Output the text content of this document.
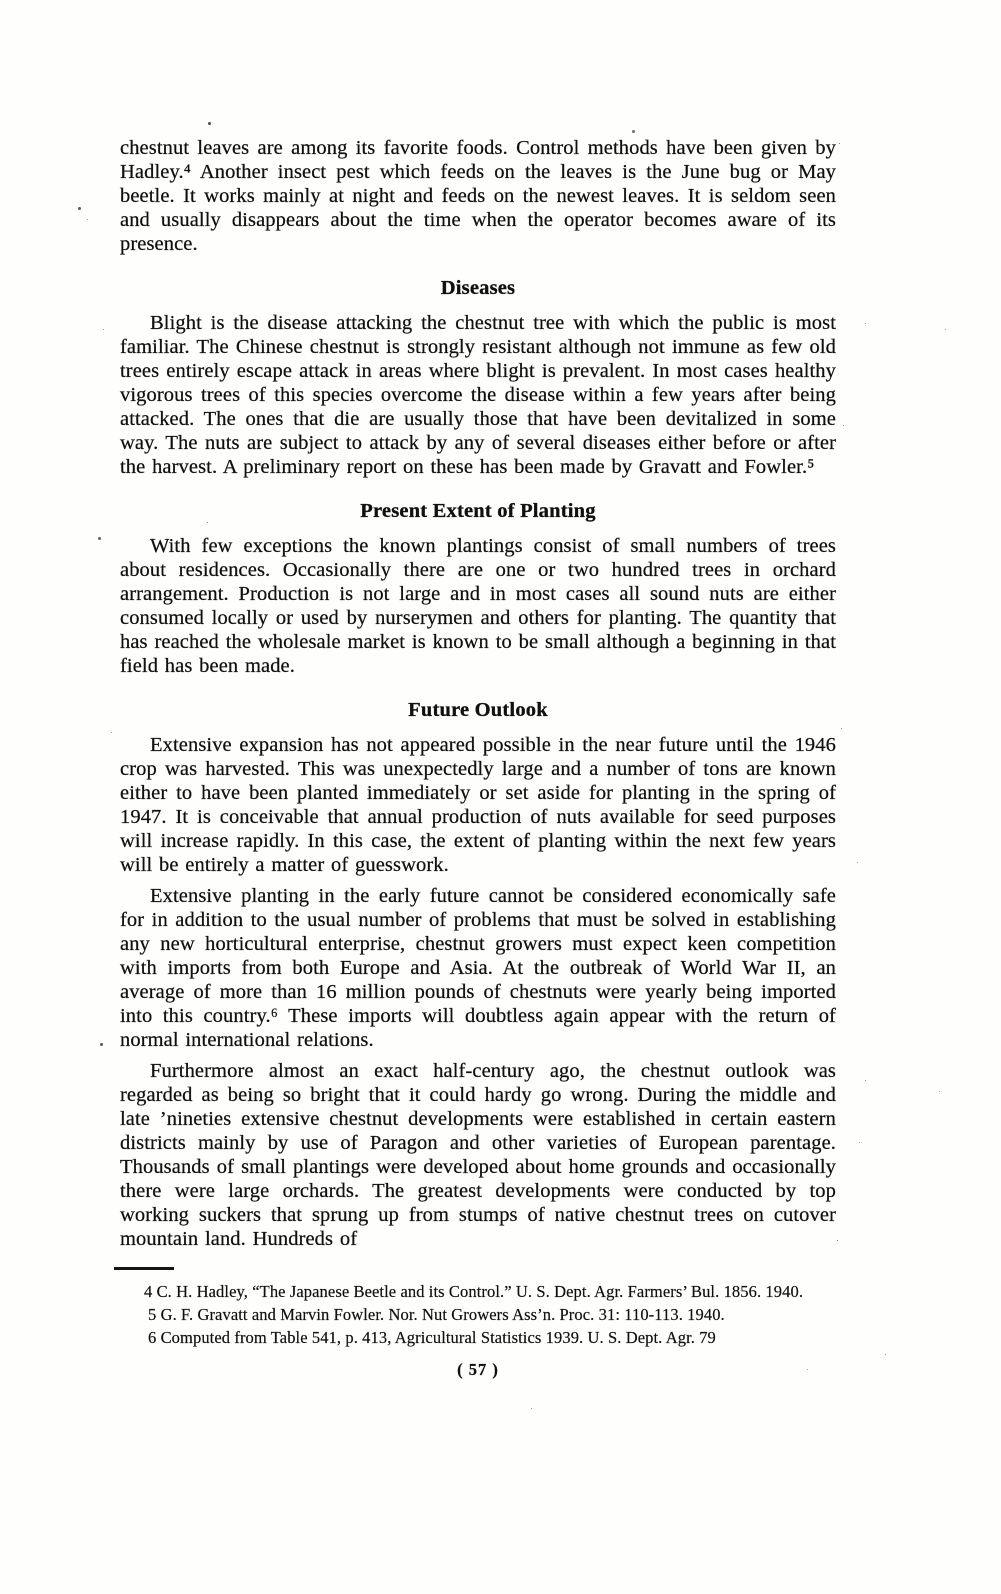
chestnut leaves are among its favorite foods. Control methods have been given by Hadley.⁴ Another insect pest which feeds on the leaves is the June bug or May beetle. It works mainly at night and feeds on the newest leaves. It is seldom seen and usually disappears about the time when the operator becomes aware of its presence.

Diseases

Blight is the disease attacking the chestnut tree with which the public is most familiar. The Chinese chestnut is strongly resistant although not immune as few old trees entirely escape attack in areas where blight is prevalent. In most cases healthy vigorous trees of this species overcome the disease within a few years after being attacked. The ones that die are usually those that have been devitalized in some way. The nuts are subject to attack by any of several diseases either before or after the harvest. A preliminary report on these has been made by Gravatt and Fowler.⁵

Present Extent of Planting

With few exceptions the known plantings consist of small numbers of trees about residences. Occasionally there are one or two hundred trees in orchard arrangement. Production is not large and in most cases all sound nuts are either consumed locally or used by nurserymen and others for planting. The quantity that has reached the wholesale market is known to be small although a beginning in that field has been made.

Future Outlook

Extensive expansion has not appeared possible in the near future until the 1946 crop was harvested. This was unexpectedly large and a number of tons are known either to have been planted immediately or set aside for planting in the spring of 1947. It is conceivable that annual production of nuts available for seed purposes will increase rapidly. In this case, the extent of planting within the next few years will be entirely a matter of guesswork.

Extensive planting in the early future cannot be considered economically safe for in addition to the usual number of problems that must be solved in establishing any new horticultural enterprise, chestnut growers must expect keen competition with imports from both Europe and Asia. At the outbreak of World War II, an average of more than 16 million pounds of chestnuts were yearly being imported into this country.⁶ These imports will doubtless again appear with the return of normal international relations.

Furthermore almost an exact half-century ago, the chestnut outlook was regarded as being so bright that it could hardy go wrong. During the middle and late ’nineties extensive chestnut developments were established in certain eastern districts mainly by use of Paragon and other varieties of European parentage. Thousands of small plantings were developed about home grounds and occasionally there were large orchards. The greatest developments were conducted by top working suckers that sprung up from stumps of native chestnut trees on cutover mountain land. Hundreds of

4 C. H. Hadley, “The Japanese Beetle and its Control.” U. S. Dept. Agr. Farmers’ Bul. 1856. 1940.

5 G. F. Gravatt and Marvin Fowler. Nor. Nut Growers Ass’n. Proc. 31: 110-113. 1940.

6 Computed from Table 541, p. 413, Agricultural Statistics 1939. U. S. Dept. Agr. 79

( 57 )
